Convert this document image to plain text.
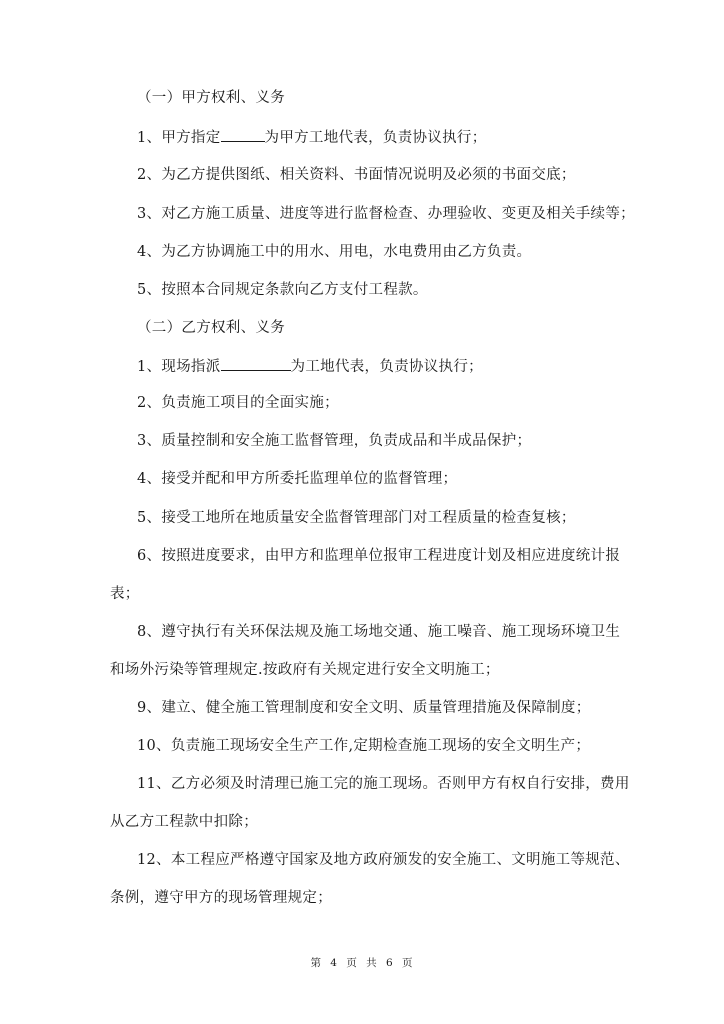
（一）甲方权利、义务
1、甲方指定	为甲方工地代表，负责协议执行；
2、为乙方提供图纸、相关资料、书面情况说明及必须的书面交底；
3、对乙方施工质量、进度等进行监督检查、办理验收、变更及相关手续等；
4、为乙方协调施工中的用水、用电，水电费用由乙方负责。
5、按照本合同规定条款向乙方支付工程款。
（二）乙方权利、义务
1、现场指派	为工地代表，负责协议执行；
2、负责施工项目的全面实施；
3、质量控制和安全施工监督管理，负责成品和半成品保护；
4、接受并配和甲方所委托监理单位的监督管理；
5、接受工地所在地质量安全监督管理部门对工程质量的检查复核；
6、按照进度要求，由甲方和监理单位报审工程进度计划及相应进度统计报
表；
8、遵守执行有关环保法规及施工场地交通、施工噪音、施工现场环境卫生
和场外污染等管理规定.按政府有关规定进行安全文明施工；
9、建立、健全施工管理制度和安全文明、质量管理措施及保障制度；
10、负责施工现场安全生产工作,定期检查施工现场的安全文明生产；
11、乙方必须及时清理已施工完的施工现场。否则甲方有权自行安排，费用
从乙方工程款中扣除；
12、本工程应严格遵守国家及地方政府颁发的安全施工、文明施工等规范、
条例，遵守甲方的现场管理规定；
第 4 页 共 6 页
